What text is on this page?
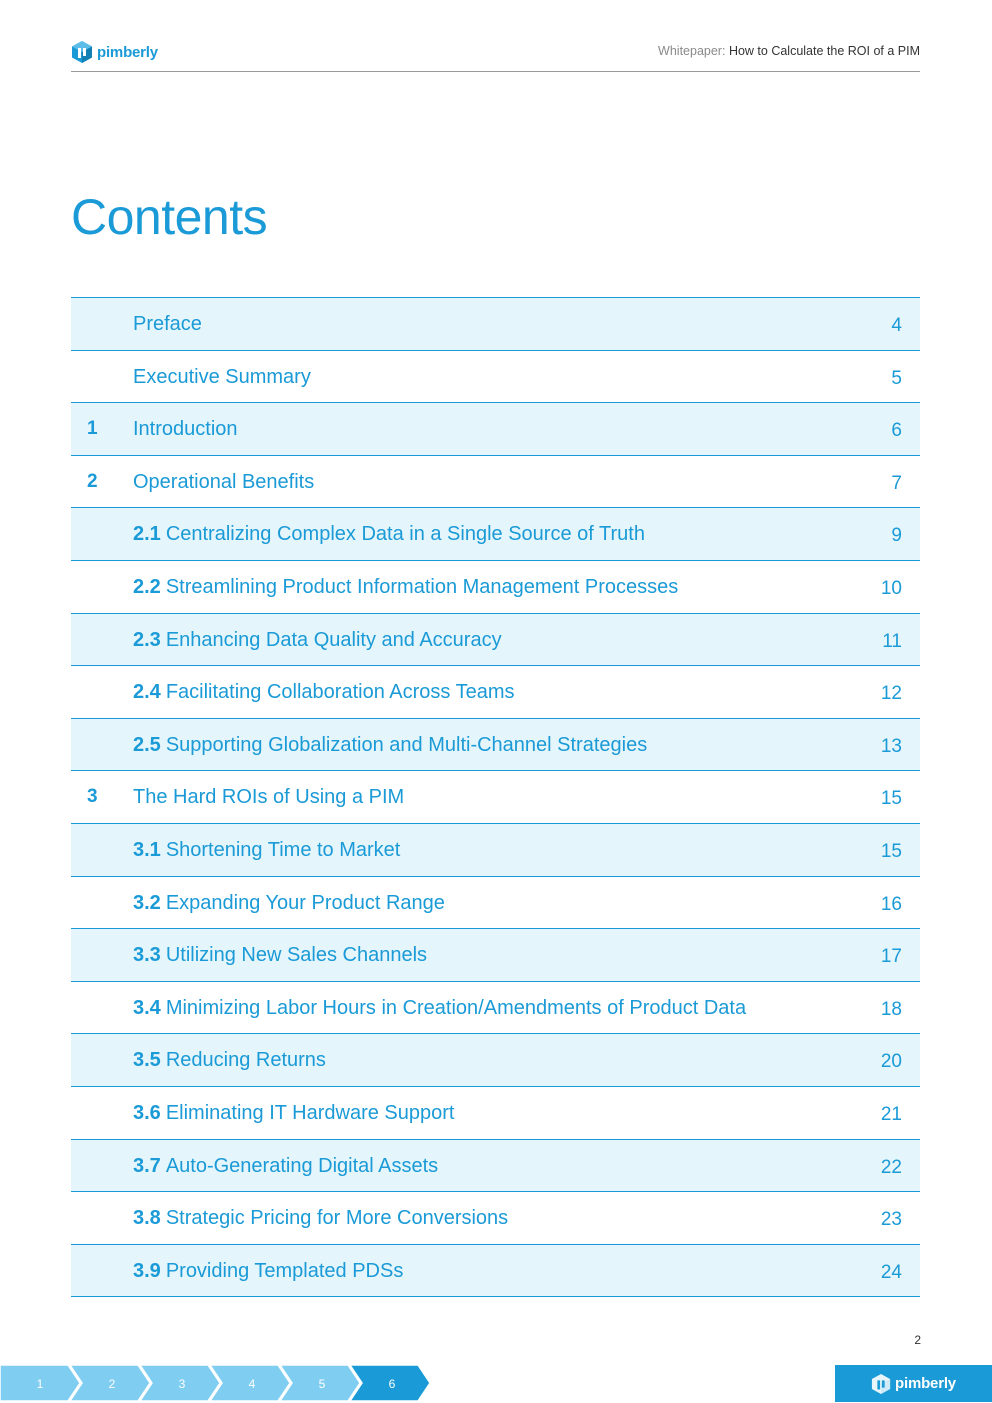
pimberly	Whitepaper: How to Calculate the ROI of a PIM
Contents
Preface	4
Executive Summary	5
1 Introduction	6
2 Operational Benefits	7
2.1 Centralizing Complex Data in a Single Source of Truth	9
2.2 Streamlining Product Information Management Processes	10
2.3 Enhancing Data Quality and Accuracy	11
2.4 Facilitating Collaboration Across Teams	12
2.5 Supporting Globalization and Multi-Channel Strategies	13
3 The Hard ROIs of Using a PIM	15
3.1 Shortening Time to Market	15
3.2 Expanding Your Product Range	16
3.3 Utilizing New Sales Channels	17
3.4 Minimizing Labor Hours in Creation/Amendments of Product Data	18
3.5 Reducing Returns	20
3.6 Eliminating IT Hardware Support	21
3.7 Auto-Generating Digital Assets	22
3.8 Strategic Pricing for More Conversions	23
3.9 Providing Templated PDSs	24
2
1	2	3	4	5	6	pimberly
